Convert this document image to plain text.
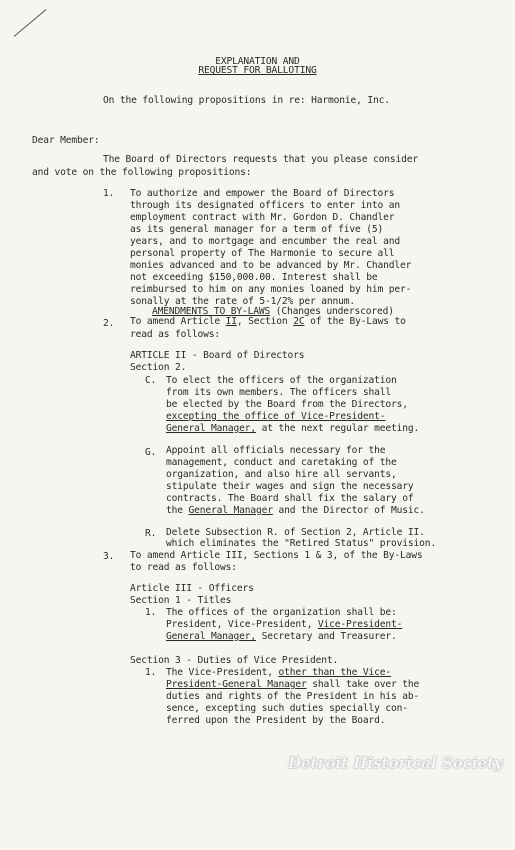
EXPLANATION AND
REQUEST FOR BALLOTING
On the following propositions in re: Harmonie, Inc.
Dear Member:
The Board of Directors requests that you please consider
and vote on the following propositions:
1. To authorize and empower the Board of Directors
through its designated officers to enter into an
employment contract with Mr. Gordon D. Chandler
as its general manager for a term of five (5)
years, and to mortgage and encumber the real and
personal property of The Harmonie to secure all
monies advanced and to be advanced by Mr. Chandler
not exceeding $150,000.00. Interest shall be
reimbursed to him on any monies loaned by him per-
sonally at the rate of 5-1/2% per annum.
AMENDMENTS TO BY-LAWS (Changes underscored)
2. To amend Article II, Section 2C of the By-Laws to
read as follows:
ARTICLE II - Board of Directors
Section 2.
C. To elect the officers of the organization
from its own members. The officers shall
be elected by the Board from the Directors,
excepting the office of Vice-President-
General Manager, at the next regular meeting.
G. Appoint all officials necessary for the
management, conduct and caretaking of the
organization, and also hire all servants,
stipulate their wages and sign the necessary
contracts. The Board shall fix the salary of
the General Manager and the Director of Music.
R. Delete Subsection R. of Section 2, Article II.
which eliminates the "Retired Status" provision.
3. To amend Article III, Sections 1 & 3, of the By-Laws
to read as follows:
Article III - Officers
Section 1 - Titles
1. The offices of the organization shall be:
President, Vice-President, Vice-President-
General Manager, Secretary and Treasurer.
Section 3 - Duties of Vice President.
1. The Vice-President, other than the Vice-
President-General Manager shall take over the
duties and rights of the President in his ab-
sence, excepting such duties specially con-
ferred upon the President by the Board.
Detroit Historical Society
